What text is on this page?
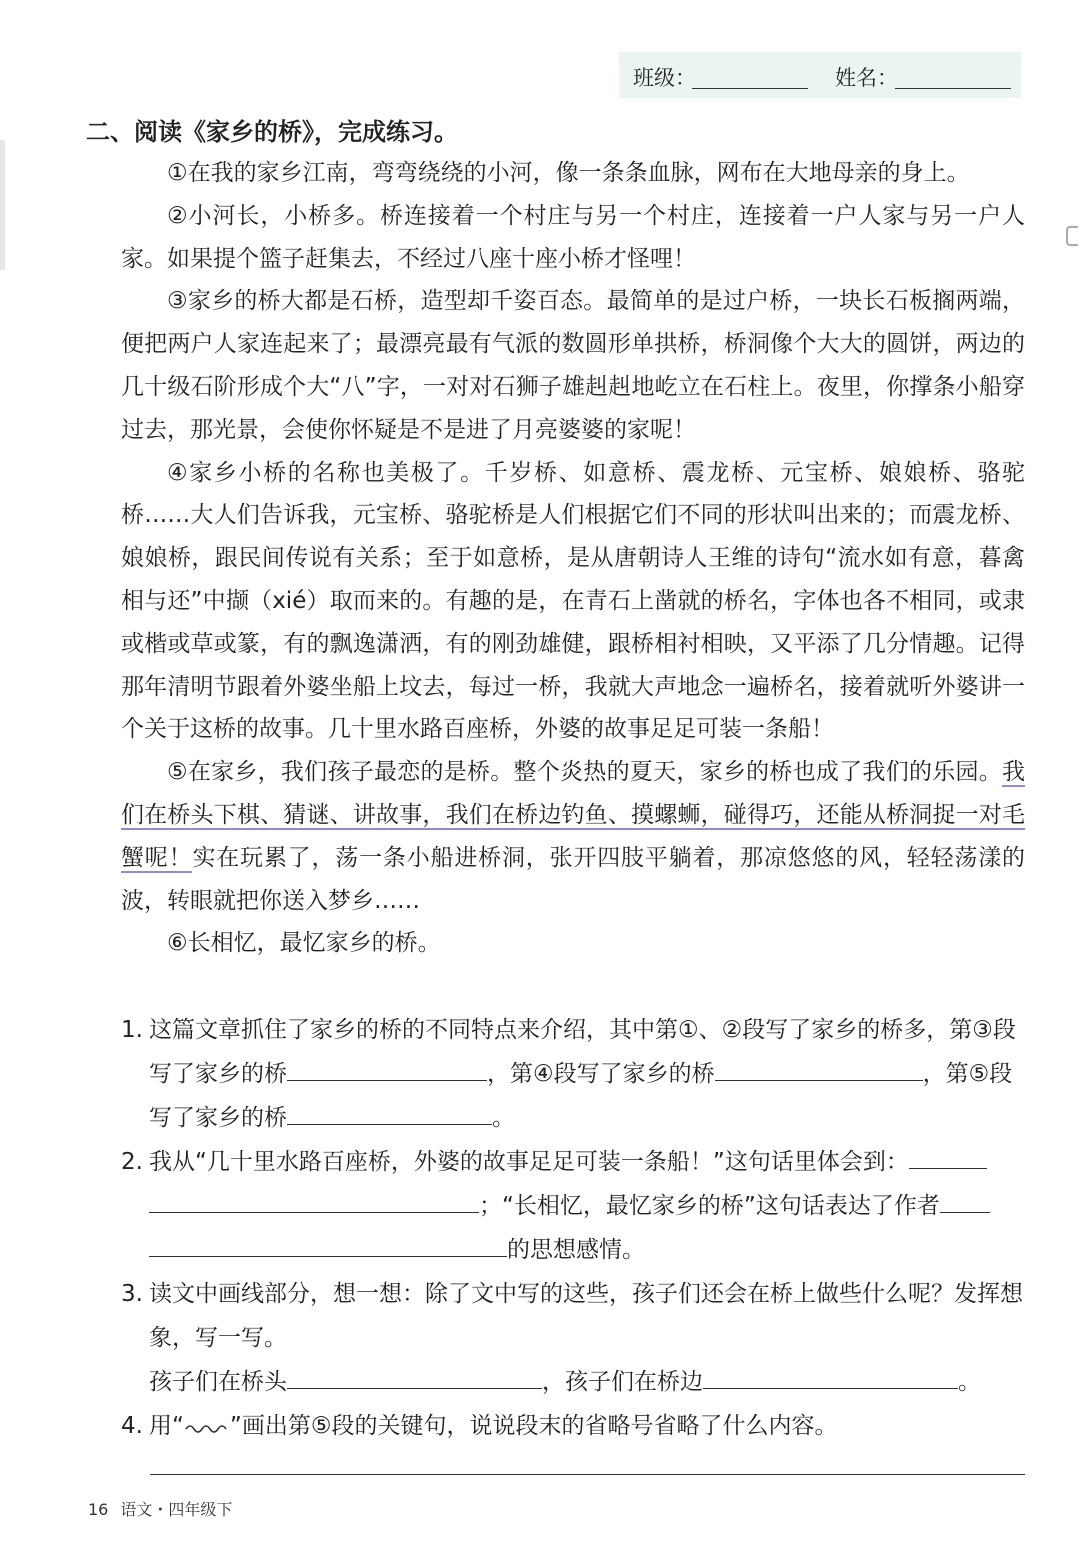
班级：	姓名：
二、阅读《家乡的桥》，完成练习。

①在我的家乡江南，弯弯绕绕的小河，像一条条血脉，网布在大地母亲的身上。

②小河长，小桥多。桥连接着一个村庄与另一个村庄，连接着一户人家与另一户人家。如果提个篮子赶集去，不经过八座十座小桥才怪哩！

③家乡的桥大都是石桥，造型却千姿百态。最简单的是过户桥，一块长石板搁两端，便把两户人家连起来了；最漂亮最有气派的数圆形单拱桥，桥洞像个大大的圆饼，两边的几十级石阶形成个大“八”字，一对对石狮子雄赳赳地屹立在石柱上。夜里，你撑条小船穿过去，那光景，会使你怀疑是不是进了月亮婆婆的家呢！

④家乡小桥的名称也美极了。千岁桥、如意桥、震龙桥、元宝桥、娘娘桥、骆驼桥……大人们告诉我，元宝桥、骆驼桥是人们根据它们不同的形状叫出来的；而震龙桥、娘娘桥，跟民间传说有关系；至于如意桥，是从唐朝诗人王维的诗句“流水如有意，暮禽相与还”中撷（xié）取而来的。有趣的是，在青石上凿就的桥名，字体也各不相同，或隶或楷或草或篆，有的飘逸潇洒，有的刚劲雄健，跟桥相衬相映，又平添了几分情趣。记得那年清明节跟着外婆坐船上坟去，每过一桥，我就大声地念一遍桥名，接着就听外婆讲一个关于这桥的故事。几十里水路百座桥，外婆的故事足足可装一条船！

⑤在家乡，我们孩子最恋的是桥。整个炎热的夏天，家乡的桥也成了我们的乐园。我们在桥头下棋、猜谜、讲故事，我们在桥边钓鱼、摸螺蛳，碰得巧，还能从桥洞捉一对毛蟹呢！实在玩累了，荡一条小船进桥洞，张开四肢平躺着，那凉悠悠的风，轻轻荡漾的波，转眼就把你送入梦乡……

⑥长相忆，最忆家乡的桥。

1. 这篇文章抓住了家乡的桥的不同特点来介绍，其中第①、②段写了家乡的桥多，第③段写了家乡的桥	，第④段写了家乡的桥	，第⑤段写了家乡的桥	。
2. 我从“几十里水路百座桥，外婆的故事足足可装一条船！”这句话里体会到：；“长相忆，最忆家乡的桥”这句话表达了作者的思想感情。
3. 读文中画线部分，想一想：除了文中写的这些，孩子们还会在桥上做些什么呢？发挥想象，写一写。
孩子们在桥头	，孩子们在桥边	。
4. 用“ ”画出第⑤段的关键句，说说段末的省略号省略了什么内容。
16 语文・四年级下
